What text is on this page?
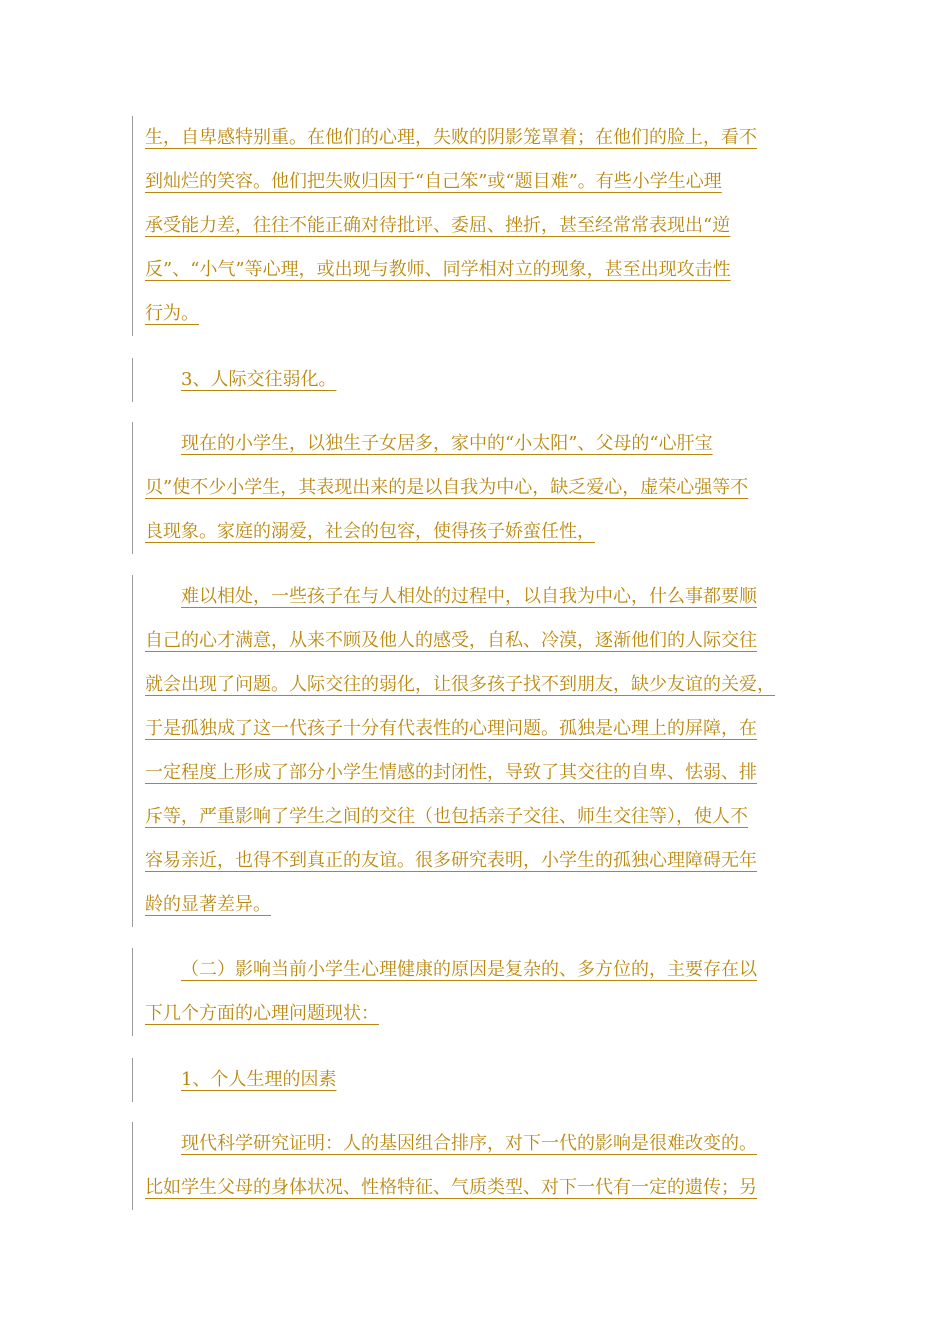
生，自卑感特别重。在他们的心理，失败的阴影笼罩着；在他们的脸上，看不
到灿烂的笑容。他们把失败归因于“自己笨”或“题目难”。有些小学生心理
承受能力差，往往不能正确对待批评、委屈、挫折，甚至经常常表现出“逆
反”、“小气”等心理，或出现与教师、同学相对立的现象，甚至出现攻击性
行为。
3、人际交往弱化。
现在的小学生，以独生子女居多，家中的“小太阳”、父母的“心肝宝
贝”使不少小学生，其表现出来的是以自我为中心，缺乏爱心，虚荣心强等不
良现象。家庭的溺爱，社会的包容，使得孩子娇蛮任性，
难以相处，一些孩子在与人相处的过程中，以自我为中心，什么事都要顺
自己的心才满意，从来不顾及他人的感受，自私、冷漠，逐渐他们的人际交往
就会出现了问题。人际交往的弱化，让很多孩子找不到朋友，缺少友谊的关爱，
于是孤独成了这一代孩子十分有代表性的心理问题。孤独是心理上的屏障，在
一定程度上形成了部分小学生情感的封闭性，导致了其交往的自卑、怯弱、排
斥等，严重影响了学生之间的交往（也包括亲子交往、师生交往等），使人不
容易亲近，也得不到真正的友谊。很多研究表明，小学生的孤独心理障碍无年
龄的显著差异。
（二）影响当前小学生心理健康的原因是复杂的、多方位的，主要存在以
下几个方面的心理问题现状：
1、个人生理的因素
现代科学研究证明：人的基因组合排序，对下一代的影响是很难改变的。
比如学生父母的身体状况、性格特征、气质类型、对下一代有一定的遗传；另
